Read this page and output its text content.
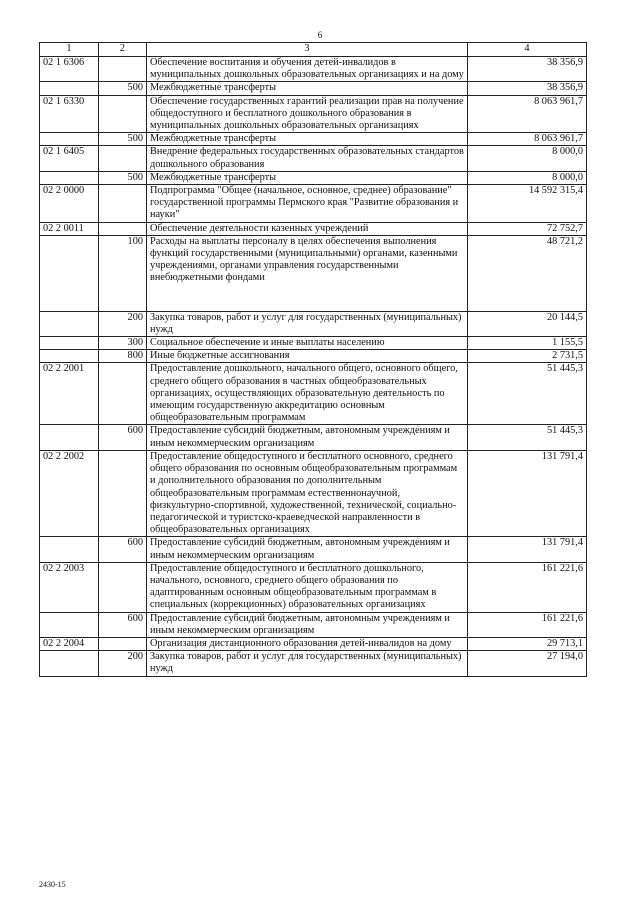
6
1	2	3	4
02 1 6306		Обеспечение воспитания и обучения детей-инвалидов в муниципальных дошкольных образовательных организациях и на дому	38 356,9
	500	Межбюджетные трансферты	38 356,9
02 1 6330		Обеспечение государственных гарантий реализации прав на получение общедоступного и бесплатного дошкольного образования в муниципальных дошкольных образовательных организациях	8 063 961,7
	500	Межбюджетные трансферты	8 063 961,7
02 1 6405		Внедрение федеральных государственных образовательных стандартов дошкольного образования	8 000,0
	500	Межбюджетные трансферты	8 000,0
02 2 0000		Подпрограмма "Общее (начальное, основное, среднее) образование" государственной программы Пермского края "Развитие образования и науки"	14 592 315,4
02 2 0011		Обеспечение деятельности казенных учреждений	72 752,7
	100	Расходы на выплаты персоналу в целях обеспечения выполнения функций государственными (муниципальными) органами, казенными учреждениями, органами управления государственными внебюджетными фондами	48 721,2
	200	Закупка товаров, работ и услуг для государственных (муниципальных) нужд	20 144,5
	300	Социальное обеспечение и иные выплаты населению	1 155,5
	800	Иные бюджетные ассигнования	2 731,5
02 2 2001		Предоставление дошкольного, начального общего, основного общего, среднего общего образования в частных общеобразовательных организациях, осуществляющих образовательную деятельность по имеющим государственную аккредитацию основным общеобразовательным программам	51 445,3
	600	Предоставление субсидий бюджетным, автономным учреждениям и иным некоммерческим организациям	51 445,3
02 2 2002		Предоставление общедоступного и бесплатного основного, среднего общего образования по основным общеобразовательным программам и дополнительного образования по дополнительным общеобразовательным программам естественнонаучной, физкультурно-спортивной, художественной, технической, социально-педагогической и туристско-краеведческой направленности в общеобразовательных организациях	131 791,4
	600	Предоставление субсидий бюджетным, автономным учреждениям и иным некоммерческим организациям	131 791,4
02 2 2003		Предоставление общедоступного и бесплатного дошкольного, начального, основного, среднего общего образования по адаптированным основным общеобразовательным программам в специальных (коррекционных) образовательных организациях	161 221,6
	600	Предоставление субсидий бюджетным, автономным учреждениям и иным некоммерческим организациям	161 221,6
02 2 2004		Организация дистанционного образования детей-инвалидов на дому	29 713,1
	200	Закупка товаров, работ и услуг для государственных (муниципальных) нужд	27 194,0
2430-15
